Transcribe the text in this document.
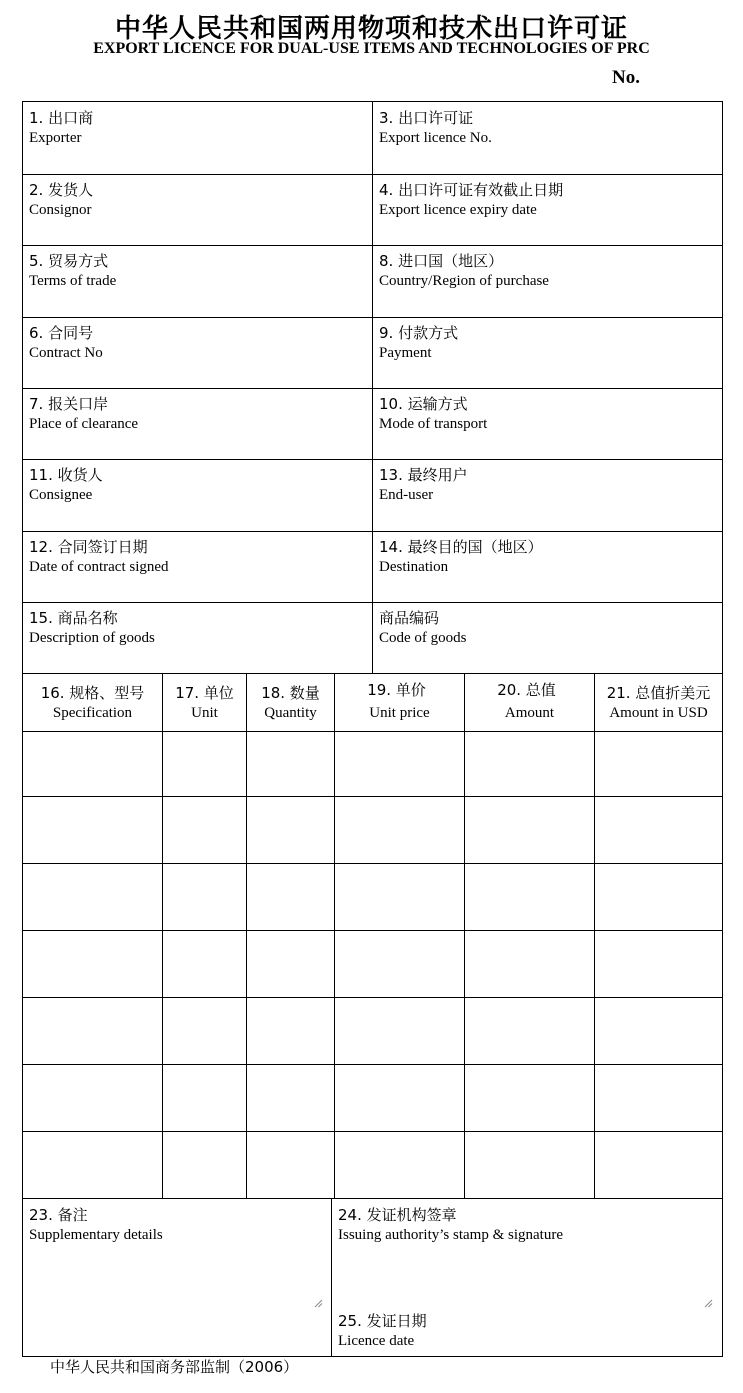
中华人民共和国两用物项和技术出口许可证
EXPORT LICENCE FOR DUAL-USE ITEMS AND TECHNOLOGIES OF PRC
No.
1. 出口商
Exporter
3. 出口许可证
Export licence No.
2. 发货人
Consignor
4. 出口许可证有效截止日期
Export licence expiry date
5. 贸易方式
Terms of trade
8. 进口国（地区）
Country/Region of purchase
6. 合同号
Contract No
9. 付款方式
Payment
7. 报关口岸
Place of clearance
10. 运输方式
Mode of transport
11. 收货人
Consignee
13. 最终用户
End-user
12. 合同签订日期
Date of contract signed
14. 最终目的国（地区）
Destination
15. 商品名称
Description of goods
商品编码
Code of goods
16. 规格、型号
Specification
17. 单位
Unit
18. 数量
Quantity
19. 单价
Unit price
20. 总值
Amount
21. 总值折美元
Amount in USD
23. 备注
Supplementary details
24. 发证机构签章
Issuing authority’s stamp & signature
25. 发证日期
Licence date
中华人民共和国商务部监制（2006）
